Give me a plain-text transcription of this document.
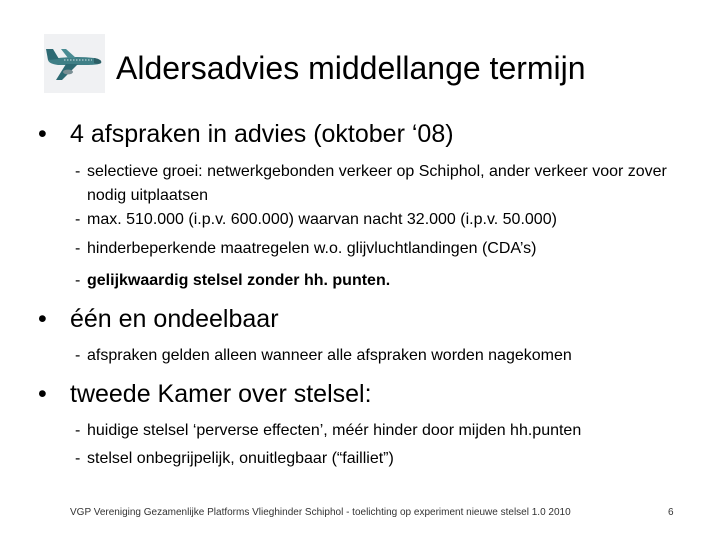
Aldersadvies middellange termijn
• 4 afspraken in advies (oktober ‘08)
- selectieve groei: netwerkgebonden verkeer op Schiphol, ander verkeer voor zover nodig uitplaatsen
- max. 510.000 (i.p.v. 600.000) waarvan nacht 32.000 (i.p.v. 50.000)
- hinderbeperkende maatregelen w.o. glijvluchtlandingen (CDA’s)
- gelijkwaardig stelsel zonder hh. punten.
• één en ondeelbaar
- afspraken gelden alleen wanneer alle afspraken worden nagekomen
• tweede Kamer over stelsel:
- huidige stelsel ‘perverse effecten’, méér hinder door mijden hh.punten
- stelsel onbegrijpelijk, onuitlegbaar (“failliet”)
VGP Vereniging Gezamenlijke Platforms Vlieghinder Schiphol - toelichting op experiment nieuwe stelsel 1.0 2010	6
